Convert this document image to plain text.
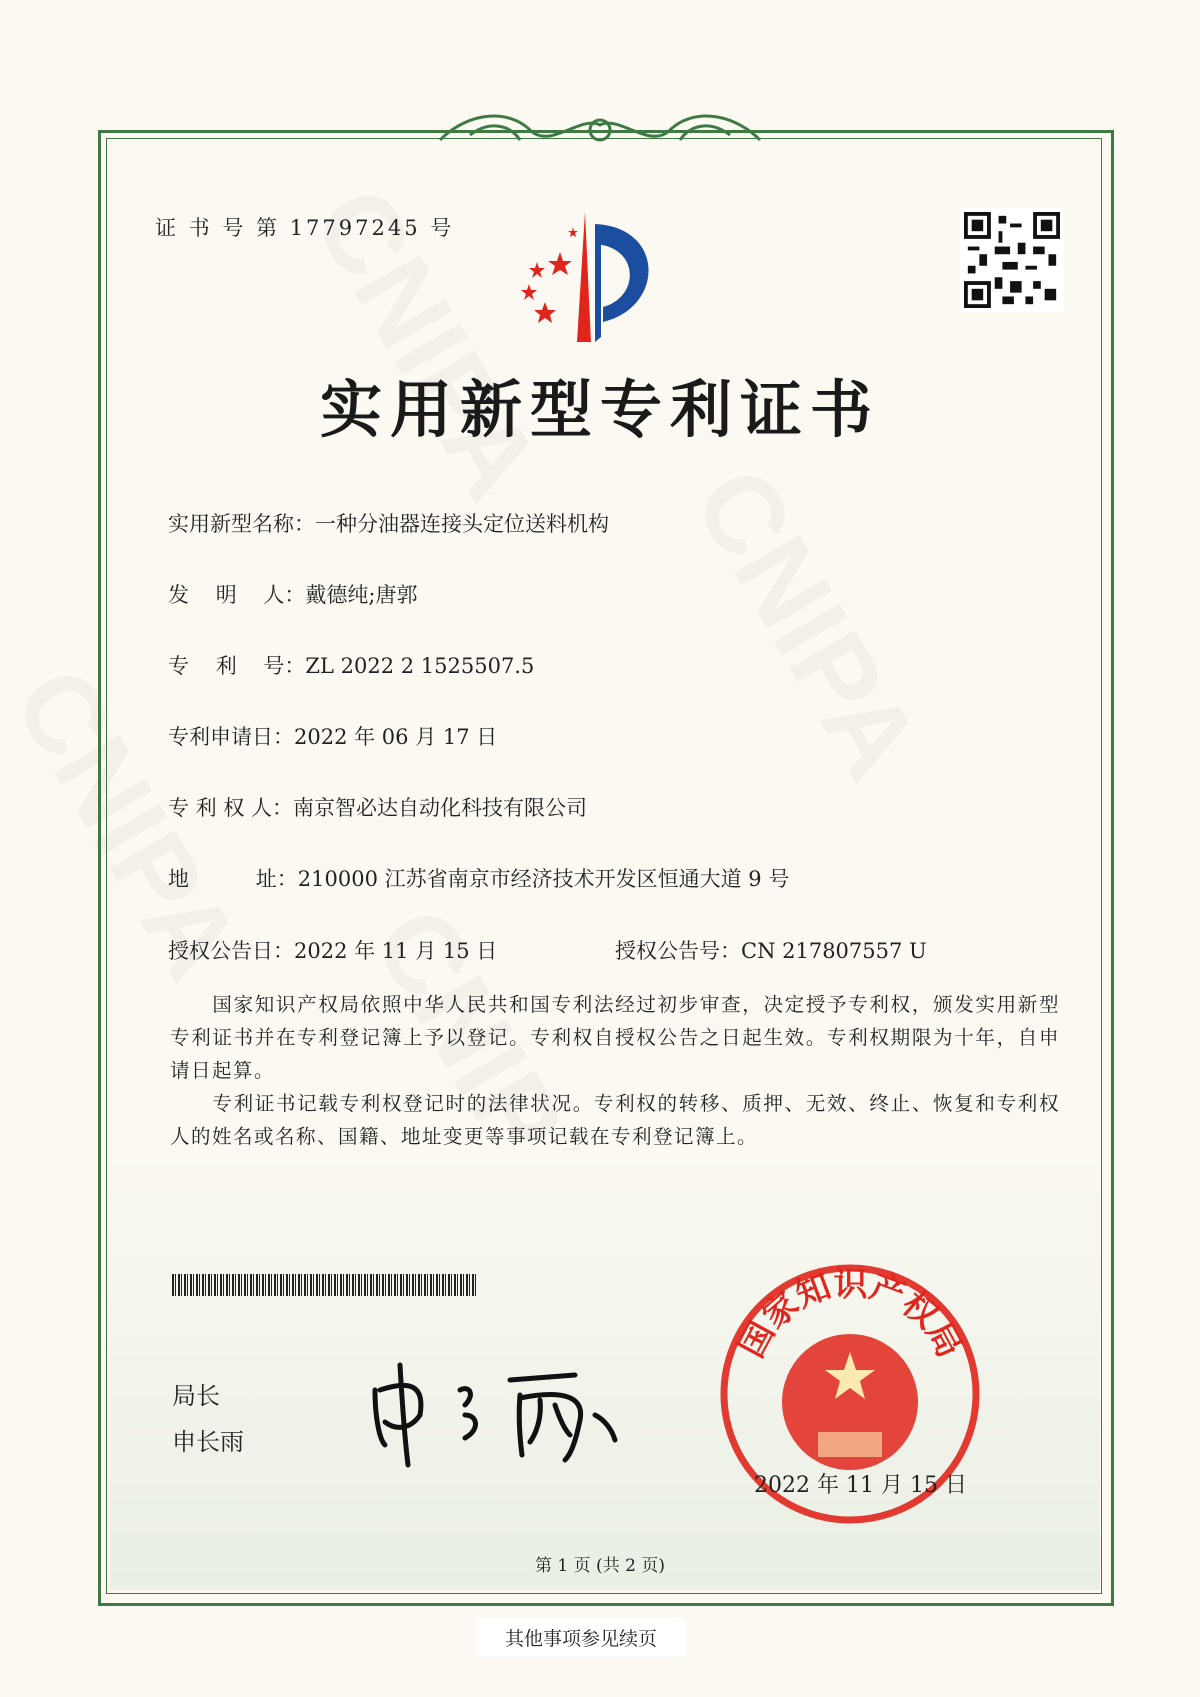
证 书 号 第 17797245 号
实用新型专利证书
实用新型名称：一种分油器连接头定位送料机构
发    明    人：戴德纯;唐郭
专    利    号：ZL 2022 2 1525507.5
专利申请日：2022 年 06 月 17 日
专 利 权 人：南京智必达自动化科技有限公司
地          址：210000 江苏省南京市经济技术开发区恒通大道 9 号
授权公告日：2022 年 11 月 15 日	授权公告号：CN 217807557 U
　　国家知识产权局依照中华人民共和国专利法经过初步审查，决定授予专利权，颁发实用新型专利证书并在专利登记簿上予以登记。专利权自授权公告之日起生效。专利权期限为十年，自申请日起算。
　　专利证书记载专利权登记时的法律状况。专利权的转移、质押、无效、终止、恢复和专利权人的姓名或名称、国籍、地址变更等事项记载在专利登记簿上。
局长
申长雨
国家知识产权局
2022 年 11 月 15 日
第 1 页 (共 2 页)
其他事项参见续页
